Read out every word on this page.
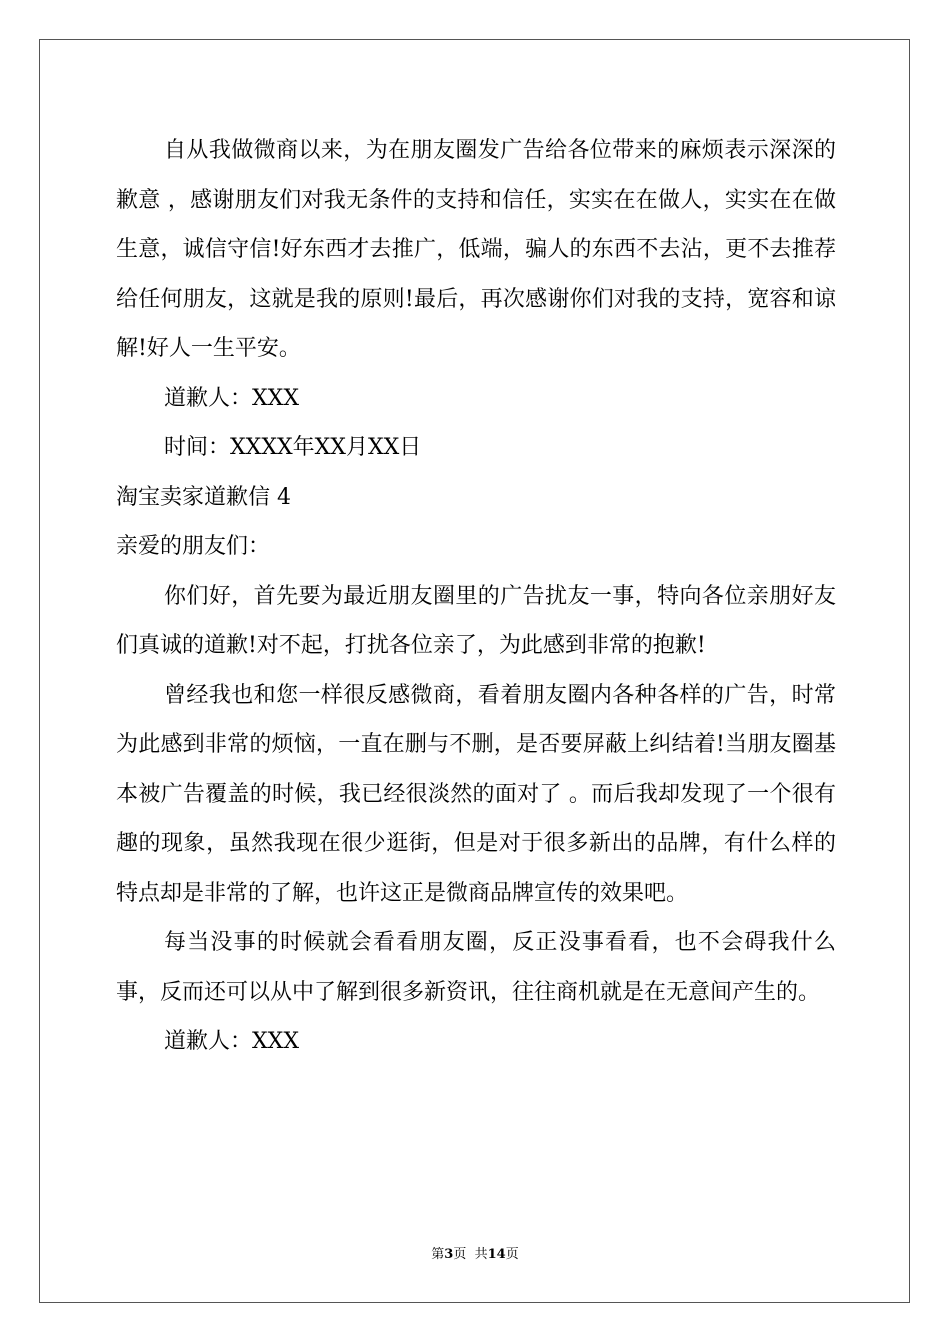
自从我做微商以来，为在朋友圈发广告给各位带来的麻烦表示深深的歉意 ，感谢朋友们对我无条件的支持和信任，实实在在做人，实实在在做生意，诚信守信!好东西才去推广，低端，骗人的东西不去沾，更不去推荐给任何朋友，这就是我的原则!最后，再次感谢你们对我的支持，宽容和谅解!好人一生平安。

道歉人：XXX

时间：XXXX年XX月XX日

淘宝卖家道歉信 4

亲爱的朋友们：

你们好，首先要为最近朋友圈里的广告扰友一事，特向各位亲朋好友们真诚的道歉!对不起，打扰各位亲了，为此感到非常的抱歉!

曾经我也和您一样很反感微商，看着朋友圈内各种各样的广告，时常为此感到非常的烦恼，一直在删与不删，是否要屏蔽上纠结着!当朋友圈基本被广告覆盖的时候，我已经很淡然的面对了 。而后我却发现了一个很有趣的现象，虽然我现在很少逛街，但是对于很多新出的品牌，有什么样的特点却是非常的了解，也许这正是微商品牌宣传的效果吧。

每当没事的时候就会看看朋友圈，反正没事看看，也不会碍我什么事，反而还可以从中了解到很多新资讯，往往商机就是在无意间产生的。

道歉人：XXX

第3页  共14页
